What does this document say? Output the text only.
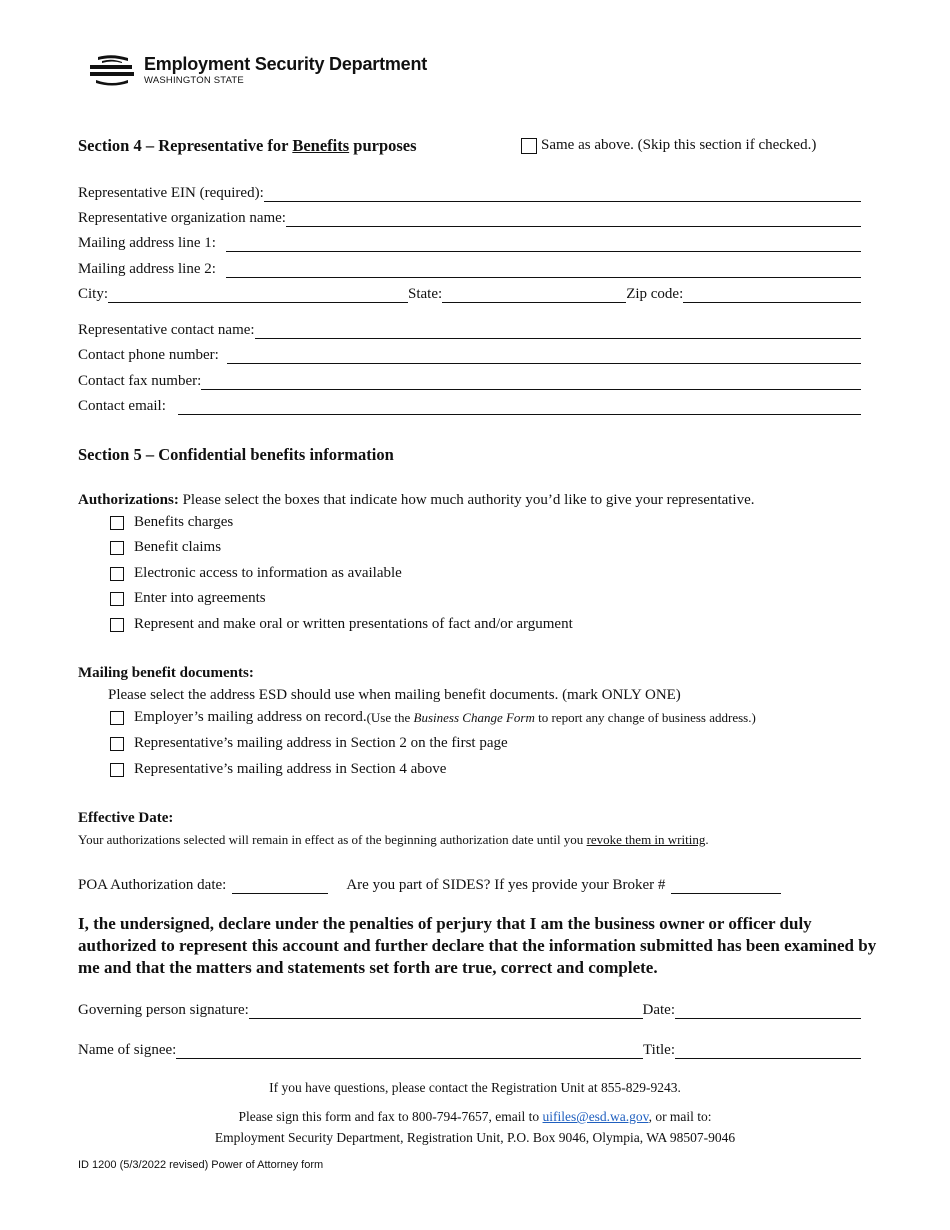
Employment Security Department
WASHINGTON STATE
Section 4 – Representative for Benefits purposes	Same as above. (Skip this section if checked.)
Representative EIN (required):
Representative organization name:
Mailing address line 1:
Mailing address line 2:
City:	State:	Zip code:
Representative contact name:
Contact phone number:
Contact fax number:
Contact email:
Section 5 – Confidential benefits information
Authorizations: Please select the boxes that indicate how much authority you’d like to give your representative.
Benefits charges
Benefit claims
Electronic access to information as available
Enter into agreements
Represent and make oral or written presentations of fact and/or argument
Mailing benefit documents:
Please select the address ESD should use when mailing benefit documents. (mark ONLY ONE)
Employer’s mailing address on record. (Use the Business Change Form to report any change of business address.)
Representative’s mailing address in Section 2 on the first page
Representative’s mailing address in Section 4 above
Effective Date:
Your authorizations selected will remain in effect as of the beginning authorization date until you revoke them in writing.
POA Authorization date:	Are you part of SIDES? If yes provide your Broker #
I, the undersigned, declare under the penalties of perjury that I am the business owner or officer duly authorized to represent this account and further declare that the information submitted has been examined by me and that the matters and statements set forth are true, correct and complete.
Governing person signature:	Date:
Name of signee:	Title:
If you have questions, please contact the Registration Unit at 855-829-9243.
Please sign this form and fax to 800-794-7657, email to uifiles@esd.wa.gov, or mail to:
Employment Security Department, Registration Unit, P.O. Box 9046, Olympia, WA 98507-9046
ID 1200 (5/3/2022 revised) Power of Attorney form
